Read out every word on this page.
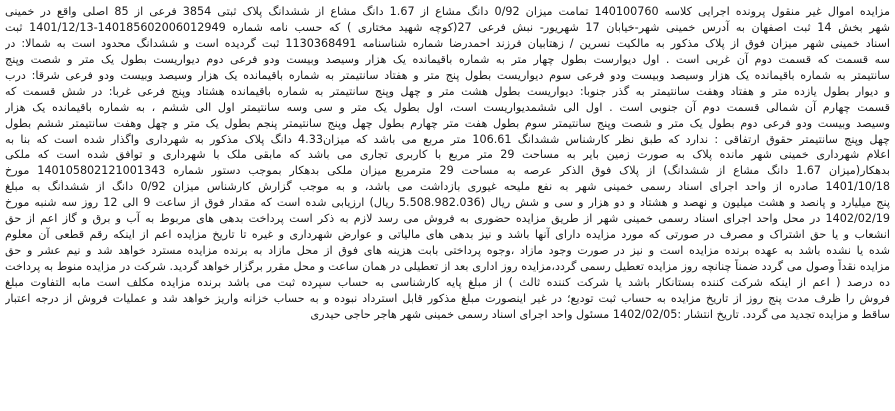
مزایده اموال غیر منقول پرونده اجرایی کلاسه 140100760 تمامت میزان 0/92 دانگ مشاع از 1.67 دانگ مشاع از ششدانگ پلاک ثبتی 3854 فرعی از 85 اصلی واقع در خمینی
شهر بخش 14 ثبت اصفهان به آدرس خمینی شهر-خیابان 17 شهریور- نبش فرعی 27(کوچه شهید مختاری ) که حسب نامه شماره 140185602006012949-1401/12/13 ثبت
اسناد خمینی شهر میزان فوق از پلاک مذکور به مالکیت نسرین / زهتابیان فرزند احمدرضا شماره شناسنامه 1130368491 ثبت گردیده است و ششدانگ محدود است به شمالا: در
سه قسمت که قسمت دوم آن غربی است . اول دیوارست بطول چهار متر به شماره باقیمانده یک هزار وسیصد وبیست ودو فرعی دوم دیواریست بطول یک متر و شصت وپنج
سانتیمتر به شماره باقیمانده یک هزار وسیصد وبیست ودو فرعی سوم دیواریست بطول پنج متر و هفتاد سانتیمتر به شماره باقیمانده یک هزار وسیصد وبیست ودو فرعی شرقا: درب
و دیوار بطول یازده متر و هفتاد وهفت سانتیمتر به گذر جنوبا: دیواریست بطول هشت متر و چهل وپنج سانتیمتر به شماره باقیمانده هشتاد وپنج فرعی غربا: در شش قسمت که
قسمت چهارم آن شمالی قسمت دوم آن جنوبی است . اول الی ششمدیواریست است، اول بطول یک متر و سی وسه سانتیمتر اول الی ششم ، به شماره باقیمانده یک هزار
وسیصد وبیست ودو فرعی دوم بطول یک متر و شصت وپنج سانتیمتر سوم بطول هفت متر چهارم بطول چهل وپنج سانتیمتر پنجم بطول یک متر و چهل وهفت سانتیمتر ششم بطول
چهل وپنج سانتیمتر حقوق ارتفاقی : ندارد که طبق نظر کارشناس ششدانگ 106.61 متر مربع می باشد که میزان4.33 دانگ پلاک مذکور به شهرداری واگذار شده است که بنا به
اعلام شهرداری خمینی شهر مانده پلاک به صورت زمین بایر به مساحت 29 متر مربع با کاربری تجاری می باشد که مابقی ملک با شهرداری و توافق شده است که ملکی
بدهکار(میزان 1.67 دانگ مشاع از ششدانگ) از پلاک فوق الذکر عرصه به مساحت 29 مترمربع میزان ملکی بدهکار بموجب دستور شماره 140105802121001343 مورخ
1401/10/18 صادره از واحد اجرای اسناد رسمی خمینی شهر به نفع ملیحه غیوری بازداشت می باشد، و به موجب گزارش کارشناس میزان 0/92 دانگ از ششدانگ به مبلغ
پنج میلیارد و پانصد و هشت میلیون و نهصد و هشتاد و دو هزار و سی و شش ریال (5.508.982.036 ریال) ارزیابی شده است که مقدار فوق از ساعت 9 الی 12 روز سه شنبه مورخ
1402/02/19 در محل واحد اجرای اسناد رسمی خمینی شهر از طریق مزایده حضوری به فروش می رسد لازم به ذکر است پرداخت بدهی های مربوط به آب و برق و گاز اعم از حق
انشعاب و یا حق اشتراک و مصرف در صورتی که مورد مزایده دارای آنها باشد و نیز بدهی های مالیاتی و عوارض شهرداری و غیره تا تاریخ مزایده اعم از اینکه رقم قطعی آن معلوم
شده یا نشده باشد به عهده برنده مزایده است و نیز در صورت وجود مازاد ،وجوه پرداختی بابت هزینه های فوق از محل مازاد به برنده مزایده مسترد خواهد شد و نیم عشر و حق
مزایده نقداً وصول می گردد ضمناً چنانچه روز مزایده تعطیل رسمی گردد،مزایده روز اداری بعد از تعطیلی در همان ساعت و محل مقرر برگزار خواهد گردید. شرکت در مزایده منوط به پرداخت
ده درصد ( اعم از اینکه شرکت کننده بستانکار باشد یا شرکت کننده ثالث ) از مبلغ پایه کارشناسی به حساب سپرده ثبت می باشد برنده مزایده مکلف است مابه التفاوت مبلغ
فروش را ظرف مدت پنج روز از تاریخ مزایده به حساب ثبت تودیع؛ در غیر اینصورت مبلغ مذکور قابل استرداد نبوده و به حساب خزانه واریز خواهد شد و عملیات فروش از درجه اعتبار
ساقط و مزایده تجدید می گردد. تاریخ انتشار :1402/02/05 مسئول واحد اجرای اسناد رسمی خمینی شهر هاجر حاجی حیدری
